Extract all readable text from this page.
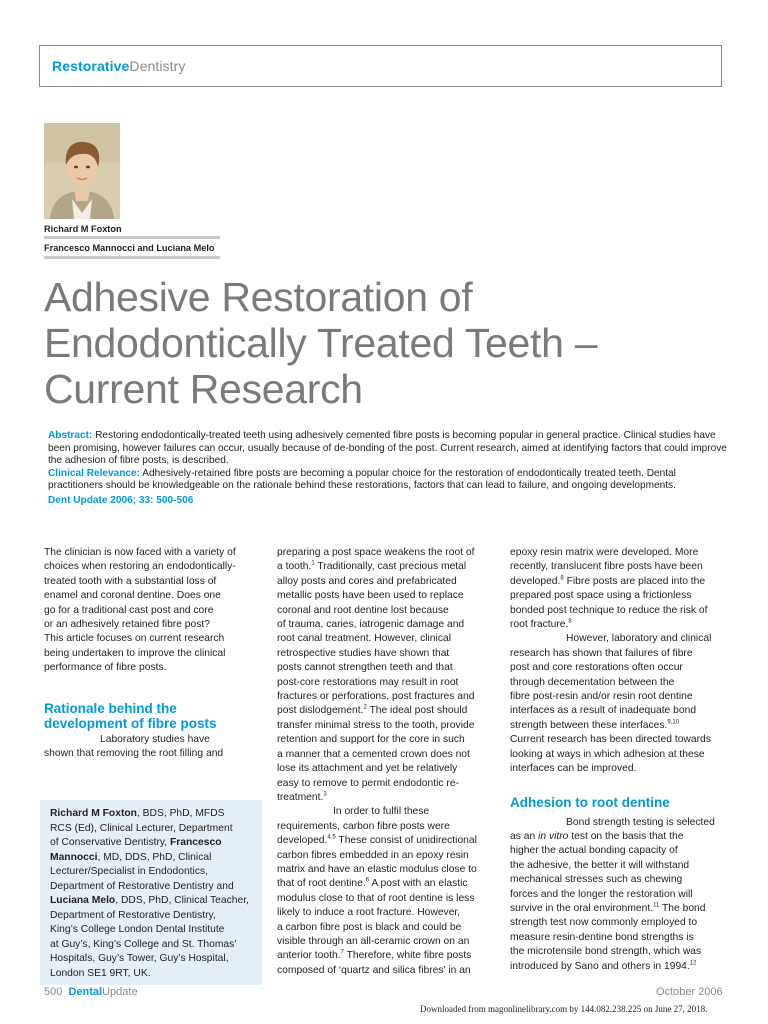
RestorativeDentistry
Richard M Foxton
Francesco Mannocci and Luciana Melo
Adhesive Restoration of
Endodontically Treated Teeth –
Current Research

Abstract: Restoring endodontically-treated teeth using adhesively cemented fibre posts is becoming popular in general practice. Clinical studies have been promising, however failures can occur, usually because of de-bonding of the post. Current research, aimed at identifying factors that could improve the adhesion of fibre posts, is described.

Clinical Relevance: Adhesively-retained fibre posts are becoming a popular choice for the restoration of endodontically treated teeth. Dental practitioners should be knowledgeable on the rationale behind these restorations, factors that can lead to failure, and ongoing developments.

Dent Update 2006; 33: 500-506

The clinician is now faced with a variety of
choices when restoring an endodontically-
treated tooth with a substantial loss of
enamel and coronal dentine. Does one
go for a traditional cast post and core
or an adhesively retained fibre post?
This article focuses on current research
being undertaken to improve the clinical
performance of fibre posts.

Rationale behind the
development of fibre posts

Laboratory studies have
shown that removing the root filling and

Richard M Foxton, BDS, PhD, MFDS
RCS (Ed), Clinical Lecturer, Department
of Conservative Dentistry, Francesco
Mannocci, MD, DDS, PhD, Clinical
Lecturer/Specialist in Endodontics,
Department of Restorative Dentistry and
Luciana Melo, DDS, PhD, Clinical Teacher,
Department of Restorative Dentistry,
King’s College London Dental Institute
at Guy’s, King’s College and St. Thomas’
Hospitals, Guy’s Tower, Guy’s Hospital,
London SE1 9RT, UK.

preparing a post space weakens the root of
a tooth.$^1$ Traditionally, cast precious metal
alloy posts and cores and prefabricated
metallic posts have been used to replace
coronal and root dentine lost because
of trauma, caries, iatrogenic damage and
root canal treatment. However, clinical
retrospective studies have shown that
posts cannot strengthen teeth and that
post-core restorations may result in root
fractures or perforations, post fractures and
post dislodgement.$^2$ The ideal post should
transfer minimal stress to the tooth, provide
retention and support for the core in such
a manner that a cemented crown does not
lose its attachment and yet be relatively
easy to remove to permit endodontic re-
treatment.$^3$

In order to fulfil these
requirements, carbon fibre posts were
developed.$^{4,5}$ These consist of unidirectional
carbon fibres embedded in an epoxy resin
matrix and have an elastic modulus close to
that of root dentine.$^6$ A post with an elastic
modulus close to that of root dentine is less
likely to induce a root fracture. However,
a carbon fibre post is black and could be
visible through an all-ceramic crown on an
anterior tooth.$^7$ Therefore, white fibre posts
composed of ‘quartz and silica fibres’ in an

epoxy resin matrix were developed. More
recently, translucent fibre posts have been
developed.$^8$ Fibre posts are placed into the
prepared post space using a frictionless
bonded post technique to reduce the risk of
root fracture.$^8$

However, laboratory and clinical
research has shown that failures of fibre
post and core restorations often occur
through decementation between the
fibre post-resin and/or resin root dentine
interfaces as a result of inadequate bond
strength between these interfaces.$^{9,10}$
Current research has been directed towards
looking at ways in which adhesion at these
interfaces can be improved.

Adhesion to root dentine

Bond strength testing is selected
as an in vitro test on the basis that the
higher the actual bonding capacity of
the adhesive, the better it will withstand
mechanical stresses such as chewing
forces and the longer the restoration will
survive in the oral environment.$^{11}$ The bond
strength test now commonly employed to
measure resin-dentine bond strengths is
the microtensile bond strength, which was
introduced by Sano and others in 1994.12

500 DentalUpdate	October 2006
Downloaded from magonlinelibrary.com by 144.082.238.225 on June 27, 2018.
